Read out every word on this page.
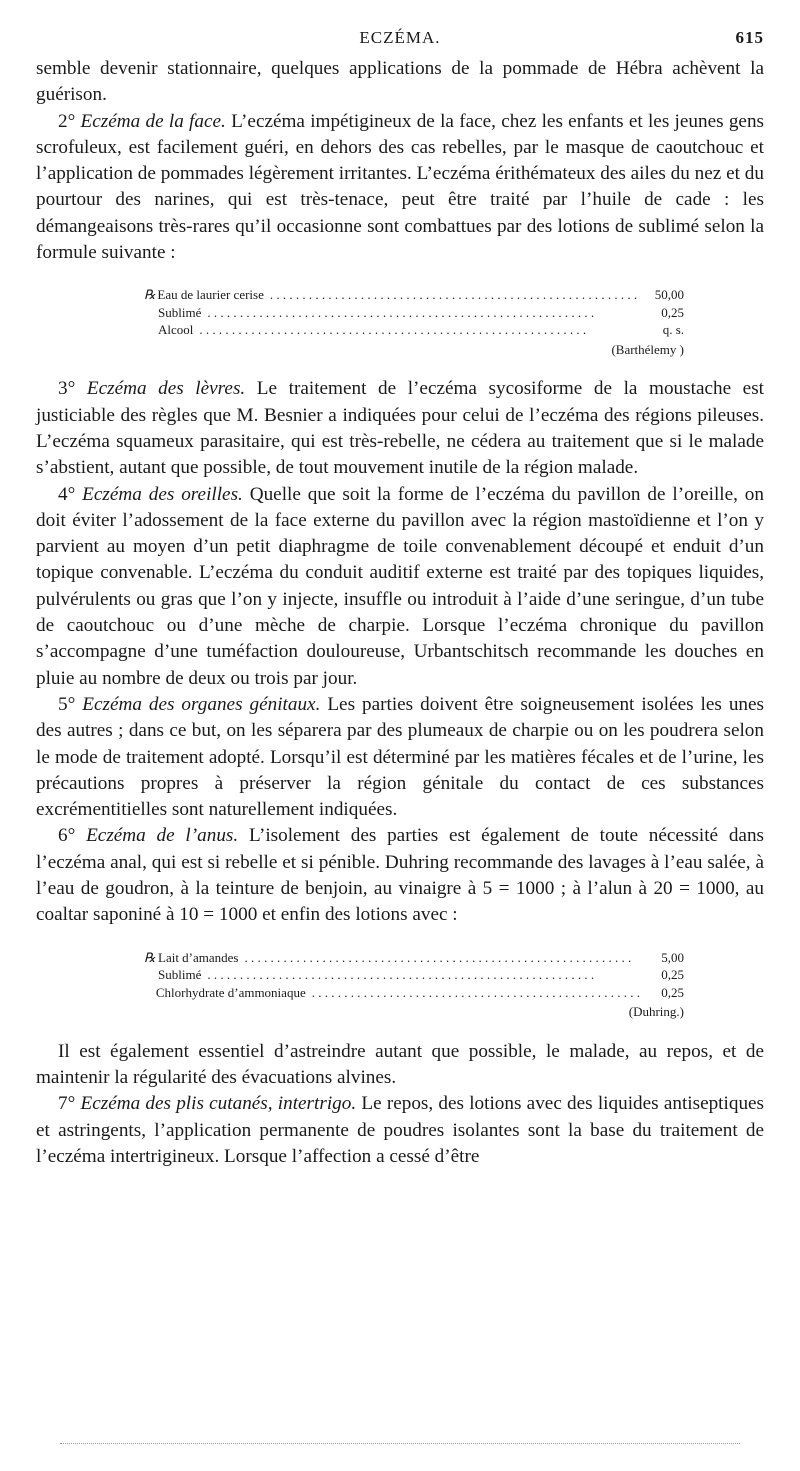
ECZÉMA.	615

semble devenir stationnaire, quelques applications de la pommade de Hébra achèvent la guérison.

2° Eczéma de la face. L’eczéma impétigineux de la face, chez les enfants et les jeunes gens scrofuleux, est facilement guéri, en dehors des cas rebelles, par le masque de caoutchouc et l’application de pommades légèrement irritantes. L’eczéma érithémateux des ailes du nez et du pourtour des narines, qui est très-tenace, peut être traité par l’huile de cade : les démangeaisons très-rares qu’il occasionne sont combattues par des lotions de sublimé selon la formule suivante :

℞ Eau de laurier cerise . . .	50,00
Sublimé . . .	0,25
Alcool . . .	q. s.
(Barthélemy )

3° Eczéma des lèvres. Le traitement de l’eczéma sycosiforme de la moustache est justiciable des règles que M. Besnier a indiquées pour celui de l’eczéma des régions pileuses. L’eczéma squameux parasitaire, qui est très-rebelle, ne cédera au traitement que si le malade s’abstient, autant que possible, de tout mouvement inutile de la région malade.

4° Eczéma des oreilles. Quelle que soit la forme de l’eczéma du pavillon de l’oreille, on doit éviter l’adossement de la face externe du pavillon avec la région mastoïdienne et l’on y parvient au moyen d’un petit diaphragme de toile convenablement découpé et enduit d’un topique convenable. L’eczéma du conduit auditif externe est traité par des topiques liquides, pulvérulents ou gras que l’on y injecte, insuffle ou introduit à l’aide d’une seringue, d’un tube de caoutchouc ou d’une mèche de charpie. Lorsque l’eczéma chronique du pavillon s’accompagne d’une tuméfaction douloureuse, Urbantschitsch recommande les douches en pluie au nombre de deux ou trois par jour.

5° Eczéma des organes génitaux. Les parties doivent être soigneusement isolées les unes des autres ; dans ce but, on les séparera par des plumeaux de charpie ou on les poudrera selon le mode de traitement adopté. Lorsqu’il est déterminé par les matières fécales et de l’urine, les précautions propres à préserver la région génitale du contact de ces substances excrémentitielles sont naturellement indiquées.

6° Eczéma de l’anus. L’isolement des parties est également de toute nécessité dans l’eczéma anal, qui est si rebelle et si pénible. Duhring recommande des lavages à l’eau salée, à l’eau de goudron, à la teinture de benjoin, au vinaigre à 5 = 1000 ; à l’alun à 20 = 1000, au coaltar saponiné à 10 = 1000 et enfin des lotions avec :

℞ Lait d’amandes . . .	5,00
Sublimé . . .	0,25
Chlorhydrate d’ammoniaque . . .	0,25
(Duhring.)

Il est également essentiel d’astreindre autant que possible, le malade, au repos, et de maintenir la régularité des évacuations alvines.

7° Eczéma des plis cutanés, intertrigo. Le repos, des lotions avec des liquides antiseptiques et astringents, l’application permanente de poudres isolantes sont la base du traitement de l’eczéma intertrigineux. Lorsque l’affection a cessé d’être
